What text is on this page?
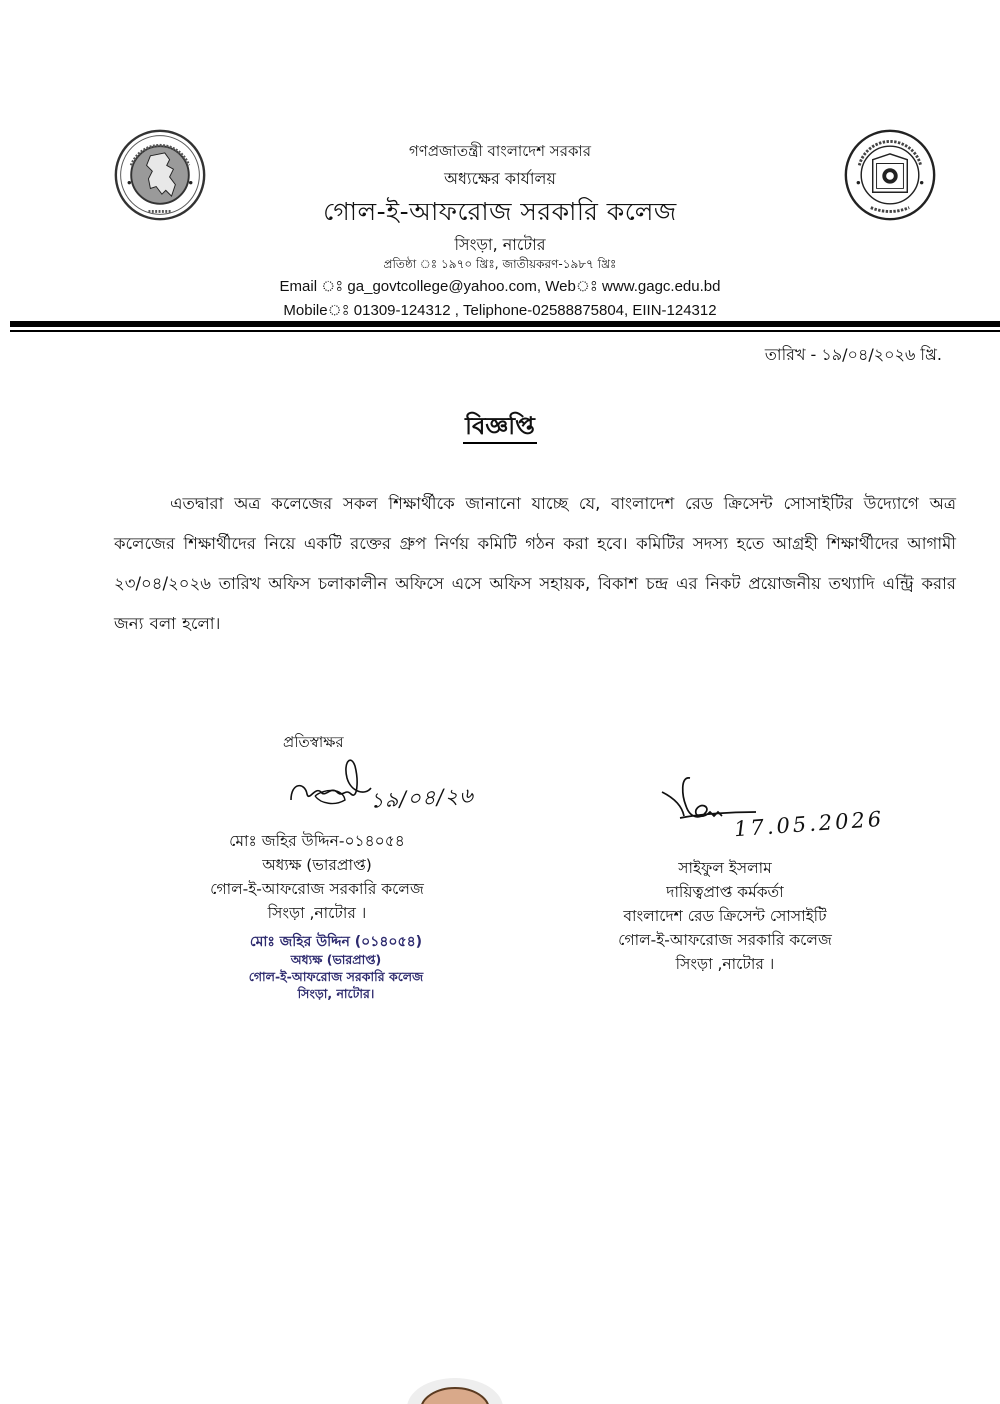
গণপ্রজাতন্ত্রী বাংলাদেশ সরকার
অধ্যক্ষের কার্যালয়
গোল-ই-আফরোজ সরকারি কলেজ
সিংড়া, নাটোর
প্রতিষ্ঠা ঃ ১৯৭০ খ্রিঃ, জাতীয়করণ-১৯৮৭ খ্রিঃ
Email ঃ ga_govtcollege@yahoo.com, Webঃ www.gagc.edu.bd
Mobileঃ 01309-124312 , Teliphone-02588875804, EIIN-124312
তারিখ - ১৯/০৪/২০২৬ খ্রি.
বিজ্ঞপ্তি
এতদ্বারা অত্র কলেজের সকল শিক্ষার্থীকে জানানো যাচ্ছে যে, বাংলাদেশ রেড ক্রিসেন্ট সোসাইটির উদ্যোগে অত্র কলেজের শিক্ষার্থীদের নিয়ে একটি রক্তের গ্রুপ নির্ণয় কমিটি গঠন করা হবে। কমিটির সদস্য হতে আগ্রহী শিক্ষার্থীদের আগামী ২৩/০৪/২০২৬ তারিখ অফিস চলাকালীন অফিসে এসে অফিস সহায়ক, বিকাশ চন্দ্র এর নিকট প্রয়োজনীয় তথ্যাদি এন্ট্রি করার জন্য বলা হলো।
প্রতিস্বাক্ষর
১৯/০৪/২৬
মোঃ জহির উদ্দিন-০১৪০৫৪
অধ্যক্ষ (ভারপ্রাপ্ত)
গোল-ই-আফরোজ সরকারি কলেজ
সিংড়া ,নাটোর ।
মোঃ জহির উদ্দিন (০১৪০৫৪)
অধ্যক্ষ (ভারপ্রাপ্ত)
গোল-ই-আফরোজ সরকারি কলেজ
সিংড়া, নাটোর।
17.05.2026
সাইফুল ইসলাম
দায়িত্বপ্রাপ্ত কর্মকর্তা
বাংলাদেশ রেড ক্রিসেন্ট সোসাইটি
গোল-ই-আফরোজ সরকারি কলেজ
সিংড়া ,নাটোর ।
